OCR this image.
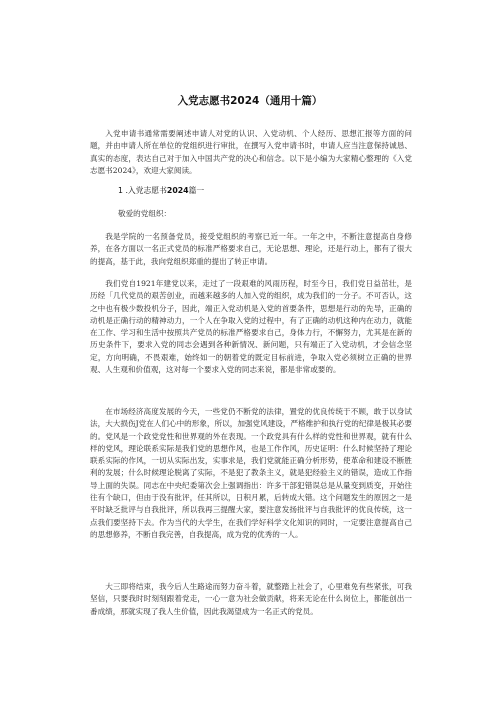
入党志愿书2024（通用十篇）

入党申请书通常需要阐述申请人对党的认识、入党动机、个人经历、思想汇报等方面的问题，并由申请人所在单位的党组织进行审批，在撰写入党申请书时，申请人应当注意保持诚恳、真实的态度，表达自己对于加入中国共产党的决心和信念。以下是小编为大家精心整理的《入党志愿书2024》，欢迎大家阅读。

1 .入党志愿书2024篇一
敬爱的党组织：

我是学院的一名预备党员，接受党组织的考察已近一年。一年之中，不断注意提高自身修养，在各方面以一名正式党员的标准严格要求自己，无论思想、理论，还是行动上，都有了很大的提高，基于此，我向党组织郑重的提出了转正申请。

我们党自1921年建党以来，走过了一段艰难的风雨历程，时至今日，我们党日益茁壮，是历经「几代党员的艰苦创业，而越来越多的人加入党的组织，成为我们的一分子。不可否认，这之中也有极少数投机分子，因此，端正入党动机是入党的首要条件，思想是行动的先导，正确的动机是正确行动的精神动力，一个人在争取入党的过程中，有了正确的动机这种内在动力，就能在工作、学习和生活中按照共产党员的标准严格要求自己，身体力行，不懈努力，尤其是在新的历史条件下，要求入党的同志会遇到各种新情况、新问题，只有端正了入党动机，才会信念坚定，方向明确，不畏艰难，始终如一的朝着党的既定目标前进，争取入党必须树立正确的世界观、人生观和价值观，这对每一个要求入党的同志来说，都是非常或要的。

在市场经济高度发展的今天，一些党仍不断党的法律，置党的优良传统于不顾，敢于以身试法，大大损伤J党在人们心中的形象，所以，加强党风建设，严格维护和执行党的纪律是极其必要的。党风是一个政党党性和世界观的外在表现。一个政党具有什么样的党性和世界观，就有什么样的党风，理论联系实际是我们党的思想作风，也是工作作风，历史证明：什么时候坚持了理论联系实际的作风，一切从实际出发，实事求是，我们党就能正确分析形势，使革命和建设不断胜利的发展；什么时候理论脱离了实际，不是犯了教条主义，就是犯经验主义的错误，造成工作指导上面的失误。同志在中央纪委第次会上强调指出：许多干部犯错误总是从量变到质变，开始往往有个缺口，但由于没有批评，任其所以，日积月累，后转成大错。这个问题发生的原因之一是平时缺乏批评与自我批评，所以我再三提醒大家，要注意发扬批评与自我批评的优良传统，这一点我们要坚持下去。作为当代的大学生，在我们学好科学文化知识的同时，一定要注意提高自己的思想修养，不断自我完善，自我提高，成为党的优秀的一人。

大三即将结束，我今后人生路途而努力奋斗着，就整踏上社会了，心里难免有些紧张，可我坚信，只要我时时刻刻跟着党走，一心一意为社会做贡献，将来无论在什么岗位上，都能创出一番成绩，那就实现了我人生价值，因此我渴望成为一名正式的党员。
